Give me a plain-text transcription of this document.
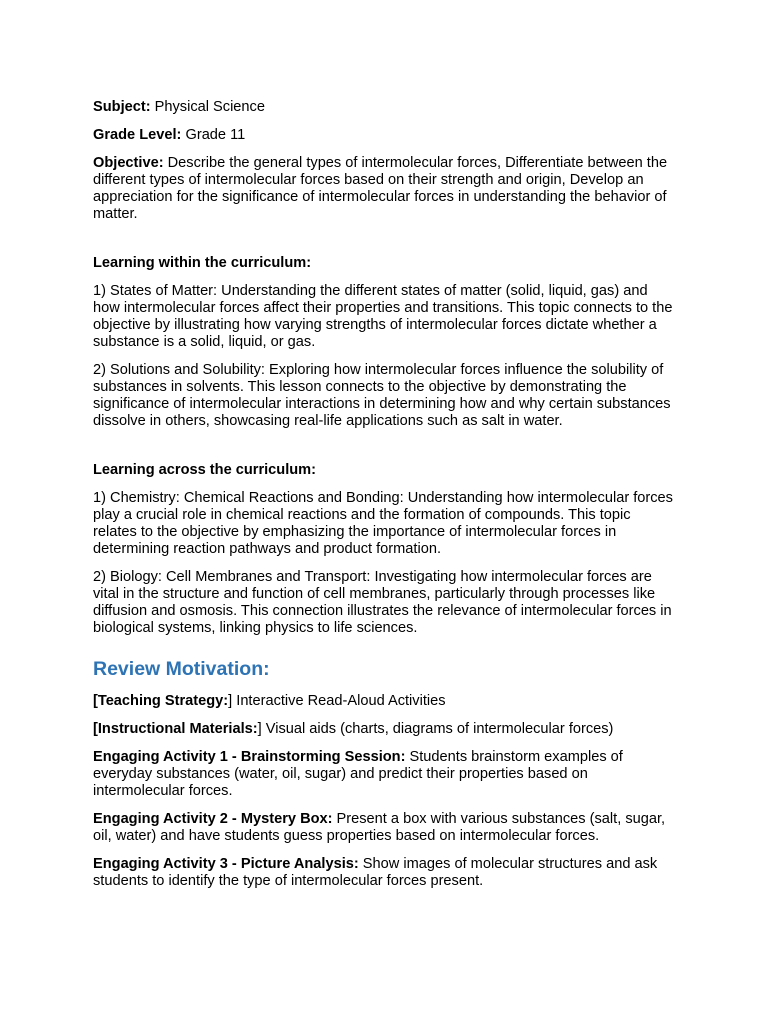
Subject: Physical Science

Grade Level: Grade 11

Objective: Describe the general types of intermolecular forces, Differentiate between the different types of intermolecular forces based on their strength and origin, Develop an appreciation for the significance of intermolecular forces in understanding the behavior of matter.

Learning within the curriculum:

1) States of Matter: Understanding the different states of matter (solid, liquid, gas) and how intermolecular forces affect their properties and transitions. This topic connects to the objective by illustrating how varying strengths of intermolecular forces dictate whether a substance is a solid, liquid, or gas.

2) Solutions and Solubility: Exploring how intermolecular forces influence the solubility of substances in solvents. This lesson connects to the objective by demonstrating the significance of intermolecular interactions in determining how and why certain substances dissolve in others, showcasing real-life applications such as salt in water.

Learning across the curriculum:

1) Chemistry: Chemical Reactions and Bonding: Understanding how intermolecular forces play a crucial role in chemical reactions and the formation of compounds. This topic relates to the objective by emphasizing the importance of intermolecular forces in determining reaction pathways and product formation.

2) Biology: Cell Membranes and Transport: Investigating how intermolecular forces are vital in the structure and function of cell membranes, particularly through processes like diffusion and osmosis. This connection illustrates the relevance of intermolecular forces in biological systems, linking physics to life sciences.

Review Motivation:

[Teaching Strategy:] Interactive Read-Aloud Activities

[Instructional Materials:] Visual aids (charts, diagrams of intermolecular forces)

Engaging Activity 1 - Brainstorming Session: Students brainstorm examples of everyday substances (water, oil, sugar) and predict their properties based on intermolecular forces.

Engaging Activity 2 - Mystery Box: Present a box with various substances (salt, sugar, oil, water) and have students guess properties based on intermolecular forces.

Engaging Activity 3 - Picture Analysis: Show images of molecular structures and ask students to identify the type of intermolecular forces present.
